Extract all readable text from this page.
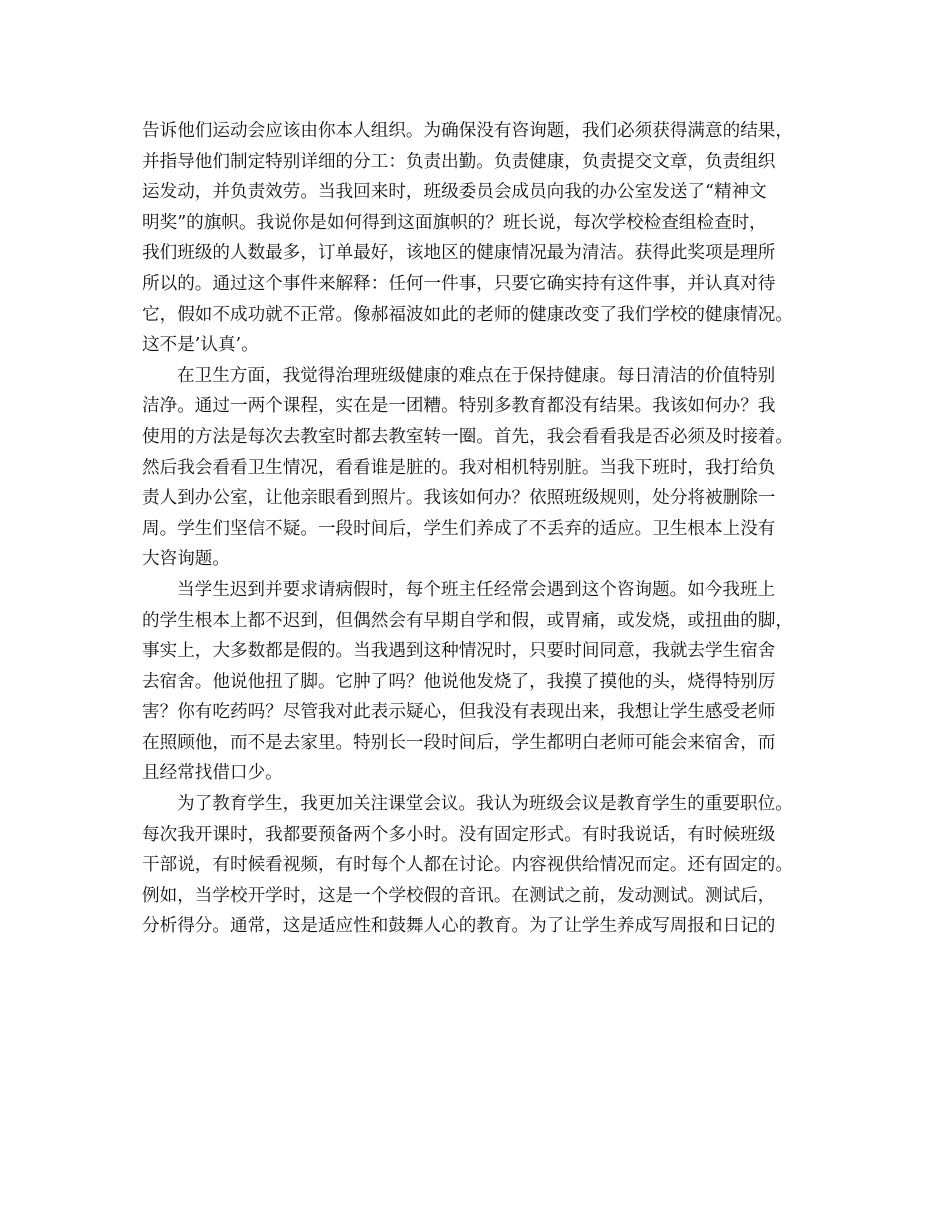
告诉他们运动会应该由你本人组织。为确保没有咨询题，我们必须获得满意的结果，
并指导他们制定特别详细的分工：负责出勤。负责健康，负责提交文章，负责组织
运发动，并负责效劳。当我回来时，班级委员会成员向我的办公室发送了“精神文
明奖”的旗帜。我说你是如何得到这面旗帜的？班长说，每次学校检查组检查时，
我们班级的人数最多，订单最好，该地区的健康情况最为清洁。获得此奖项是理所
所以的。通过这个事件来解释：任何一件事，只要它确实持有这件事，并认真对待
它，假如不成功就不正常。像郝福波如此的老师的健康改变了我们学校的健康情况。
这不是’认真’。
在卫生方面，我觉得治理班级健康的难点在于保持健康。每日清洁的价值特别
洁净。通过一两个课程，实在是一团糟。特别多教育都没有结果。我该如何办？我
使用的方法是每次去教室时都去教室转一圈。首先，我会看看我是否必须及时接着。
然后我会看看卫生情况，看看谁是脏的。我对相机特别脏。当我下班时，我打给负
责人到办公室，让他亲眼看到照片。我该如何办？依照班级规则，处分将被删除一
周。学生们坚信不疑。一段时间后，学生们养成了不丢弃的适应。卫生根本上没有
大咨询题。
当学生迟到并要求请病假时，每个班主任经常会遇到这个咨询题。如今我班上
的学生根本上都不迟到，但偶然会有早期自学和假，或胃痛，或发烧，或扭曲的脚，
事实上，大多数都是假的。当我遇到这种情况时，只要时间同意，我就去学生宿舍
去宿舍。他说他扭了脚。它肿了吗？他说他发烧了，我摸了摸他的头，烧得特别厉
害？你有吃药吗？尽管我对此表示疑心，但我没有表现出来，我想让学生感受老师
在照顾他，而不是去家里。特别长一段时间后，学生都明白老师可能会来宿舍，而
且经常找借口少。
为了教育学生，我更加关注课堂会议。我认为班级会议是教育学生的重要职位。
每次我开课时，我都要预备两个多小时。没有固定形式。有时我说话，有时候班级
干部说，有时候看视频，有时每个人都在讨论。内容视供给情况而定。还有固定的。
例如，当学校开学时，这是一个学校假的音讯。在测试之前，发动测试。测试后，
分析得分。通常，这是适应性和鼓舞人心的教育。为了让学生养成写周报和日记的
